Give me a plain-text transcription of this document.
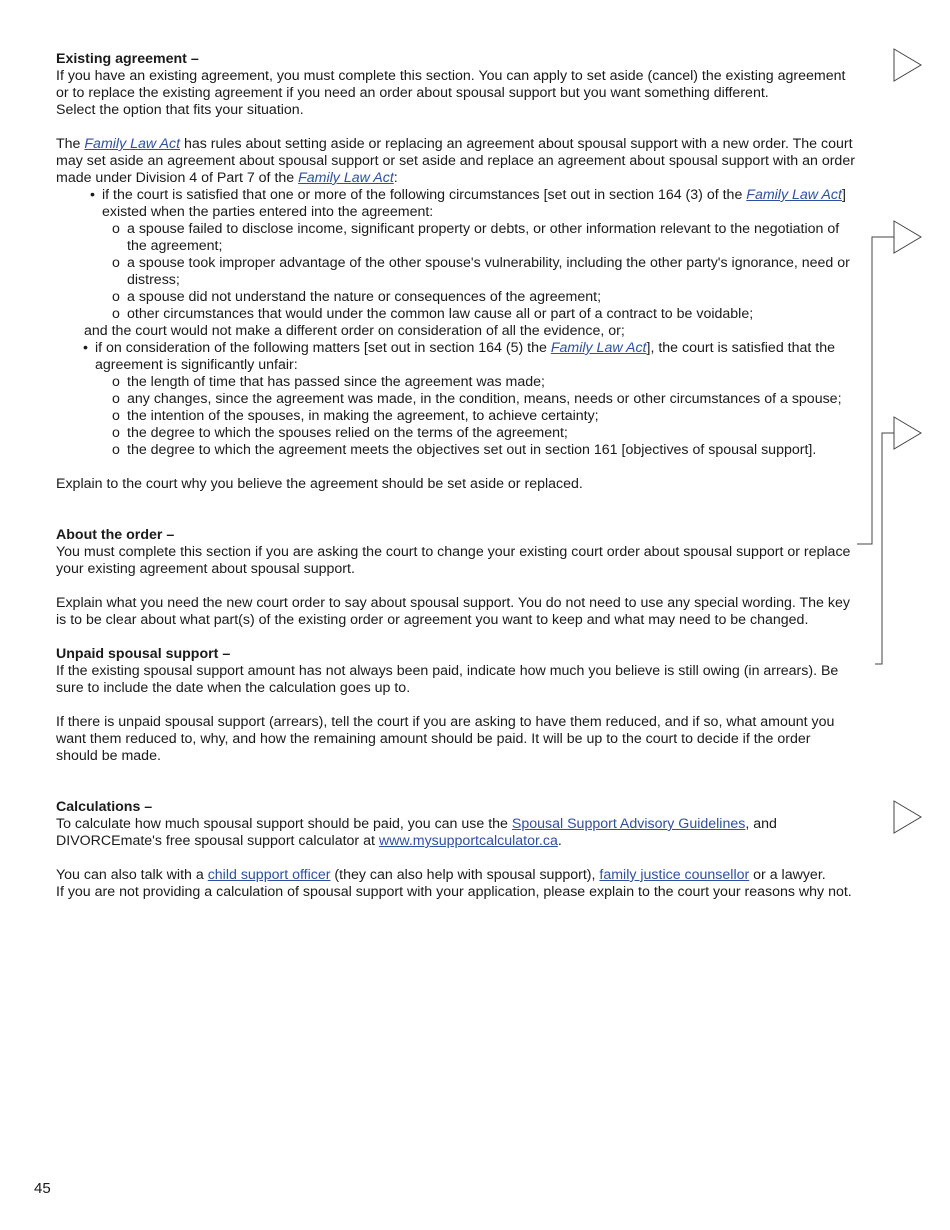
Existing agreement –

If you have an existing agreement, you must complete this section. You can apply to set aside (cancel) the existing agreement or to replace the existing agreement if you need an order about spousal support but you want something different.

Select the option that fits your situation.

The Family Law Act has rules about setting aside or replacing an agreement about spousal support with a new order. The court may set aside an agreement about spousal support or set aside and replace an agreement about spousal support with an order made under Division 4 of Part 7 of the Family Law Act:

• if the court is satisfied that one or more of the following circumstances [set out in section 164 (3) of the Family Law Act] existed when the parties entered into the agreement:
o a spouse failed to disclose income, significant property or debts, or other information relevant to the negotiation of the agreement;
o a spouse took improper advantage of the other spouse's vulnerability, including the other party's ignorance, need or distress;
o a spouse did not understand the nature or consequences of the agreement;
o other circumstances that would under the common law cause all or part of a contract to be voidable;

and the court would not make a different order on consideration of all the evidence, or;

• if on consideration of the following matters [set out in section 164 (5) the Family Law Act], the court is satisfied that the agreement is significantly unfair:
o the length of time that has passed since the agreement was made;
o any changes, since the agreement was made, in the condition, means, needs or other circumstances of a spouse;
o the intention of the spouses, in making the agreement, to achieve certainty;
o the degree to which the spouses relied on the terms of the agreement;
o the degree to which the agreement meets the objectives set out in section 161 [objectives of spousal support].

Explain to the court why you believe the agreement should be set aside or replaced.

About the order –

You must complete this section if you are asking the court to change your existing court order about spousal support or replace your existing agreement about spousal support.

Explain what you need the new court order to say about spousal support. You do not need to use any special wording. The key is to be clear about what part(s) of the existing order or agreement you want to keep and what may need to be changed.

Unpaid spousal support –

If the existing spousal support amount has not always been paid, indicate how much you believe is still owing (in arrears). Be sure to include the date when the calculation goes up to.

If there is unpaid spousal support (arrears), tell the court if you are asking to have them reduced, and if so, what amount you want them reduced to, why, and how the remaining amount should be paid. It will be up to the court to decide if the order should be made.

Calculations –

To calculate how much spousal support should be paid, you can use the Spousal Support Advisory Guidelines, and DIVORCEmate's free spousal support calculator at www.mysupportcalculator.ca.

You can also talk with a child support officer (they can also help with spousal support), family justice counsellor or a lawyer.

If you are not providing a calculation of spousal support with your application, please explain to the court your reasons why not.

45
